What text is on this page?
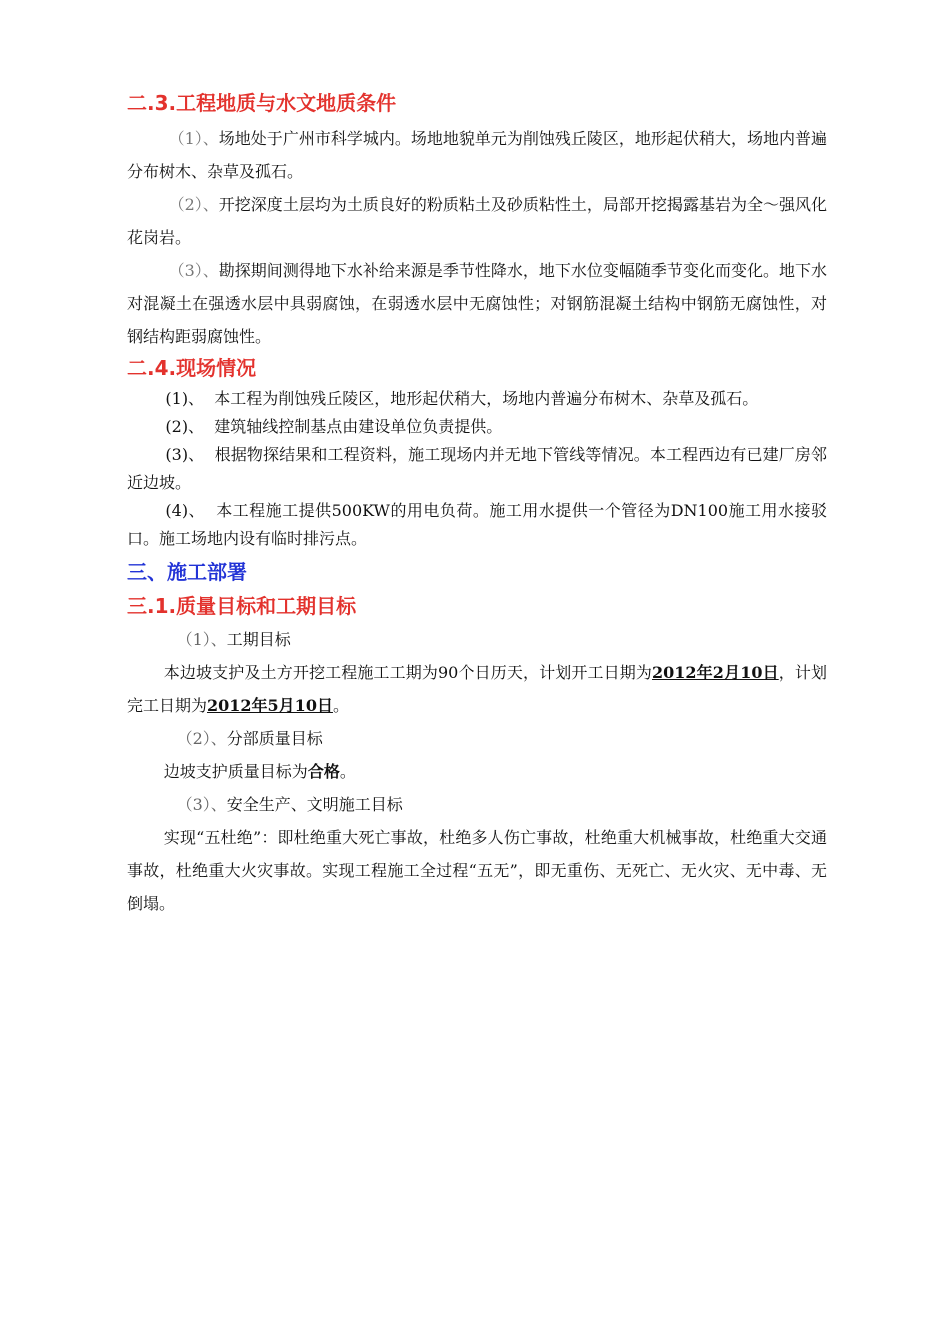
二.3.工程地质与水文地质条件

（1）、场地处于广州市科学城内。场地地貌单元为削蚀残丘陵区，地形起伏稍大，场地内普遍分布树木、杂草及孤石。

（2）、开挖深度土层均为土质良好的粉质粘土及砂质粘性土，局部开挖揭露基岩为全～强风化花岗岩。

（3）、勘探期间测得地下水补给来源是季节性降水，地下水位变幅随季节变化而变化。地下水对混凝土在强透水层中具弱腐蚀，在弱透水层中无腐蚀性；对钢筋混凝土结构中钢筋无腐蚀性，对钢结构距弱腐蚀性。

二.4.现场情况

(1)、 本工程为削蚀残丘陵区，地形起伏稍大，场地内普遍分布树木、杂草及孤石。

(2)、 建筑轴线控制基点由建设单位负责提供。

(3)、 根据物探结果和工程资料，施工现场内并无地下管线等情况。本工程西边有已建厂房邻近边坡。

(4)、 本工程施工提供500KW的用电负荷。施工用水提供一个管径为DN100施工用水接驳口。施工场地内设有临时排污点。

三、施工部署
三.1.质量目标和工期目标

（1）、工期目标

本边坡支护及土方开挖工程施工工期为90个日历天，计划开工日期为2012年2月10日，计划完工日期为2012年5月10日。

（2）、分部质量目标

边坡支护质量目标为合格。

（3）、安全生产、文明施工目标

实现“五杜绝”：即杜绝重大死亡事故，杜绝多人伤亡事故，杜绝重大机械事故，杜绝重大交通事故，杜绝重大火灾事故。实现工程施工全过程“五无”，即无重伤、无死亡、无火灾、无中毒、无倒塌。
